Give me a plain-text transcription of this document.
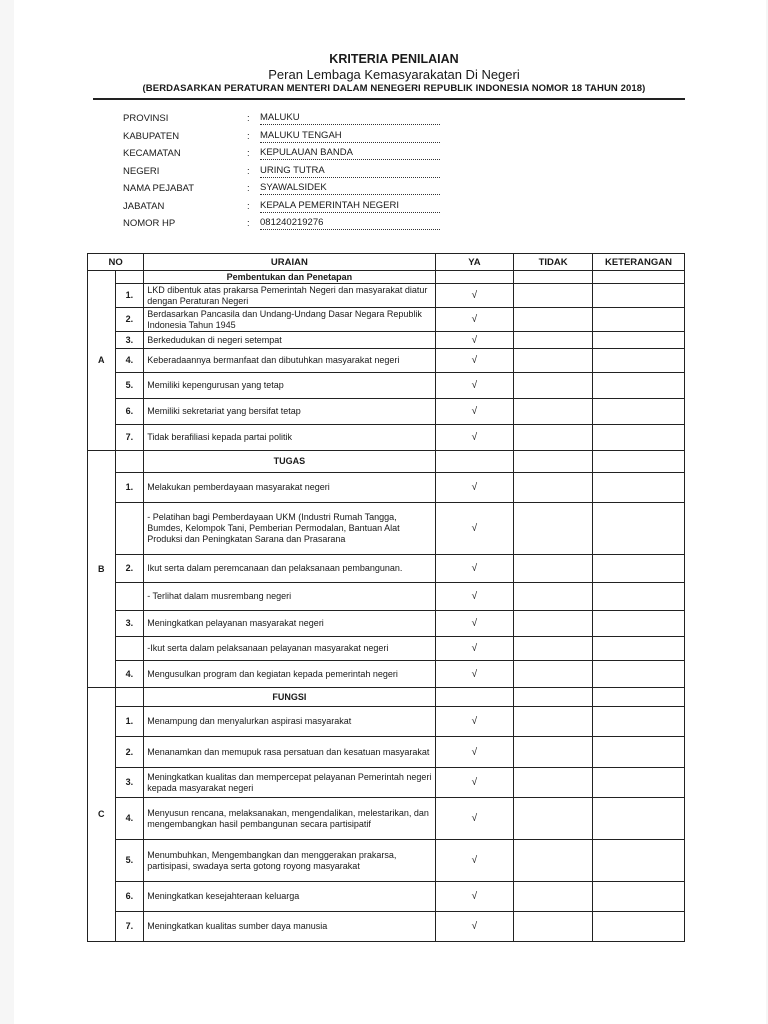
KRITERIA PENILAIAN
Peran Lembaga Kemasyarakatan Di Negeri
(BERDASARKAN PERATURAN MENTERI DALAM NENEGERI REPUBLIK INDONESIA NOMOR 18 TAHUN 2018)
PROVINSI	: MALUKU
KABUPATEN	: MALUKU TENGAH
KECAMATAN	: KEPULAUAN BANDA
NEGERI	: URING TUTRA
NAMA PEJABAT	: SYAWALSIDEK
JABATAN	: KEPALA PEMERINTAH NEGERI
NOMOR HP	: 081240219276
NO		URAIAN	YA	TIDAK	KETERANGAN
A		Pembentukan dan Penetapan			
	1.	LKD dibentuk atas prakarsa Pemerintah Negeri dan masyarakat diatur dengan Peraturan Negeri	√		
	2.	Berdasarkan Pancasila dan Undang-Undang Dasar Negara Republik Indonesia Tahun 1945	√		
	3.	Berkedudukan di negeri setempat	√		
	4.	Keberadaannya bermanfaat dan dibutuhkan masyarakat negeri	√		
	5.	Memiliki kepengurusan yang tetap	√		
	6.	Memiliki sekretariat yang bersifat tetap	√		
	7.	Tidak berafiliasi kepada partai politik	√		
B		TUGAS			
	1.	Melakukan pemberdayaan masyarakat negeri	√		
		- Pelatihan bagi Pemberdayaan UKM (Industri Rumah Tangga, Bumdes, Kelompok Tani, Pemberian Permodalan, Bantuan Alat Produksi dan Peningkatan Sarana dan Prasarana	√		
	2.	Ikut serta dalam peremcanaan dan pelaksanaan pembangunan.	√		
		- Terlihat dalam musrembang negeri	√		
	3.	Meningkatkan pelayanan masyarakat negeri	√		
		-Ikut serta dalam pelaksanaan pelayanan masyarakat negeri	√		
	4.	Mengusulkan program dan kegiatan kepada pemerintah negeri	√		
C		FUNGSI			
	1.	Menampung dan menyalurkan aspirasi masyarakat	√		
	2.	Menanamkan dan memupuk rasa persatuan dan kesatuan masyarakat	√		
	3.	Meningkatkan kualitas dan mempercepat pelayanan Pemerintah negeri kepada masyarakat negeri	√		
	4.	Menyusun rencana, melaksanakan, mengendalikan, melestarikan, dan mengembangkan hasil pembangunan secara partisipatif	√		
	5.	Menumbuhkan, Mengembangkan dan menggerakan prakarsa, partisipasi, swadaya serta gotong royong masyarakat	√		
	6.	Meningkatkan kesejahteraan keluarga	√		
	7.	Meningkatkan kualitas sumber daya manusia	√		
